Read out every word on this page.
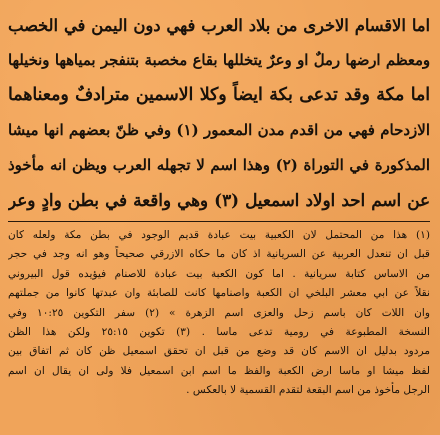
اما الاقسام الاخرى من بلاد العرب فهي دون اليمن في الخصب
ومعظم ارضها رملٌ او وعرٌ يتخللها بقاع مخصبة بتنفجر بمياهها ونخيلها
اما مكة وقد تدعى بكة ايضاً وكلا الاسمين مترادفٌ ومعناهما
الازدحام فهي من اقدم مدن المعمور (١) وفي ظنّ بعضهم انها ميشا
المذكورة في التوراة (٢) وهذا اسم لا تجهله العرب ويظن انه مأخوذ
عن اسم احد اولاد اسمعيل (٣) وهي واقعة في بطن وادٍ وعر
(١) هذا من المحتمل لان الكعبية بيت عبادة قديم الوجود في بطن مكة ولعله كان
قبل ان تنعدل العربية عن السريانية اذ كان ما حكاه الازرقي صحيحاً وهو انه وجد في حجر
من الاساس كتابة سريانية . اما كون الكعبة بيت عبادة للاصنام فيؤيده قول البيروني
نقلاً عن ابي معشر البلخي ان الكعبة واصنامها كانت للصابئة وان عبدتها كانوا من جملتهم
وان اللات كان باسم زحل والعزى اسم الزهرة » (٢) سفر التكوين ١٠:٢٥ وفي
النسخة المطبوعة في رومية تدعى ماسا . (٣) تكوين ٢٥:١٥ ولكن هذا الظن
مردود بدليل ان الاسم كان قد وضع من قبل ان تحقق اسمعيل ظن كان ثم اتفاق بين
لفظ ميشا او ماسا ارض الكعبة والفظ ما اسم ابن اسمعيل فلا ولى ان يقال ان اسم
الرجل مأخوذ من اسم البقعة لتقدم القسمية لا بالعكس .
